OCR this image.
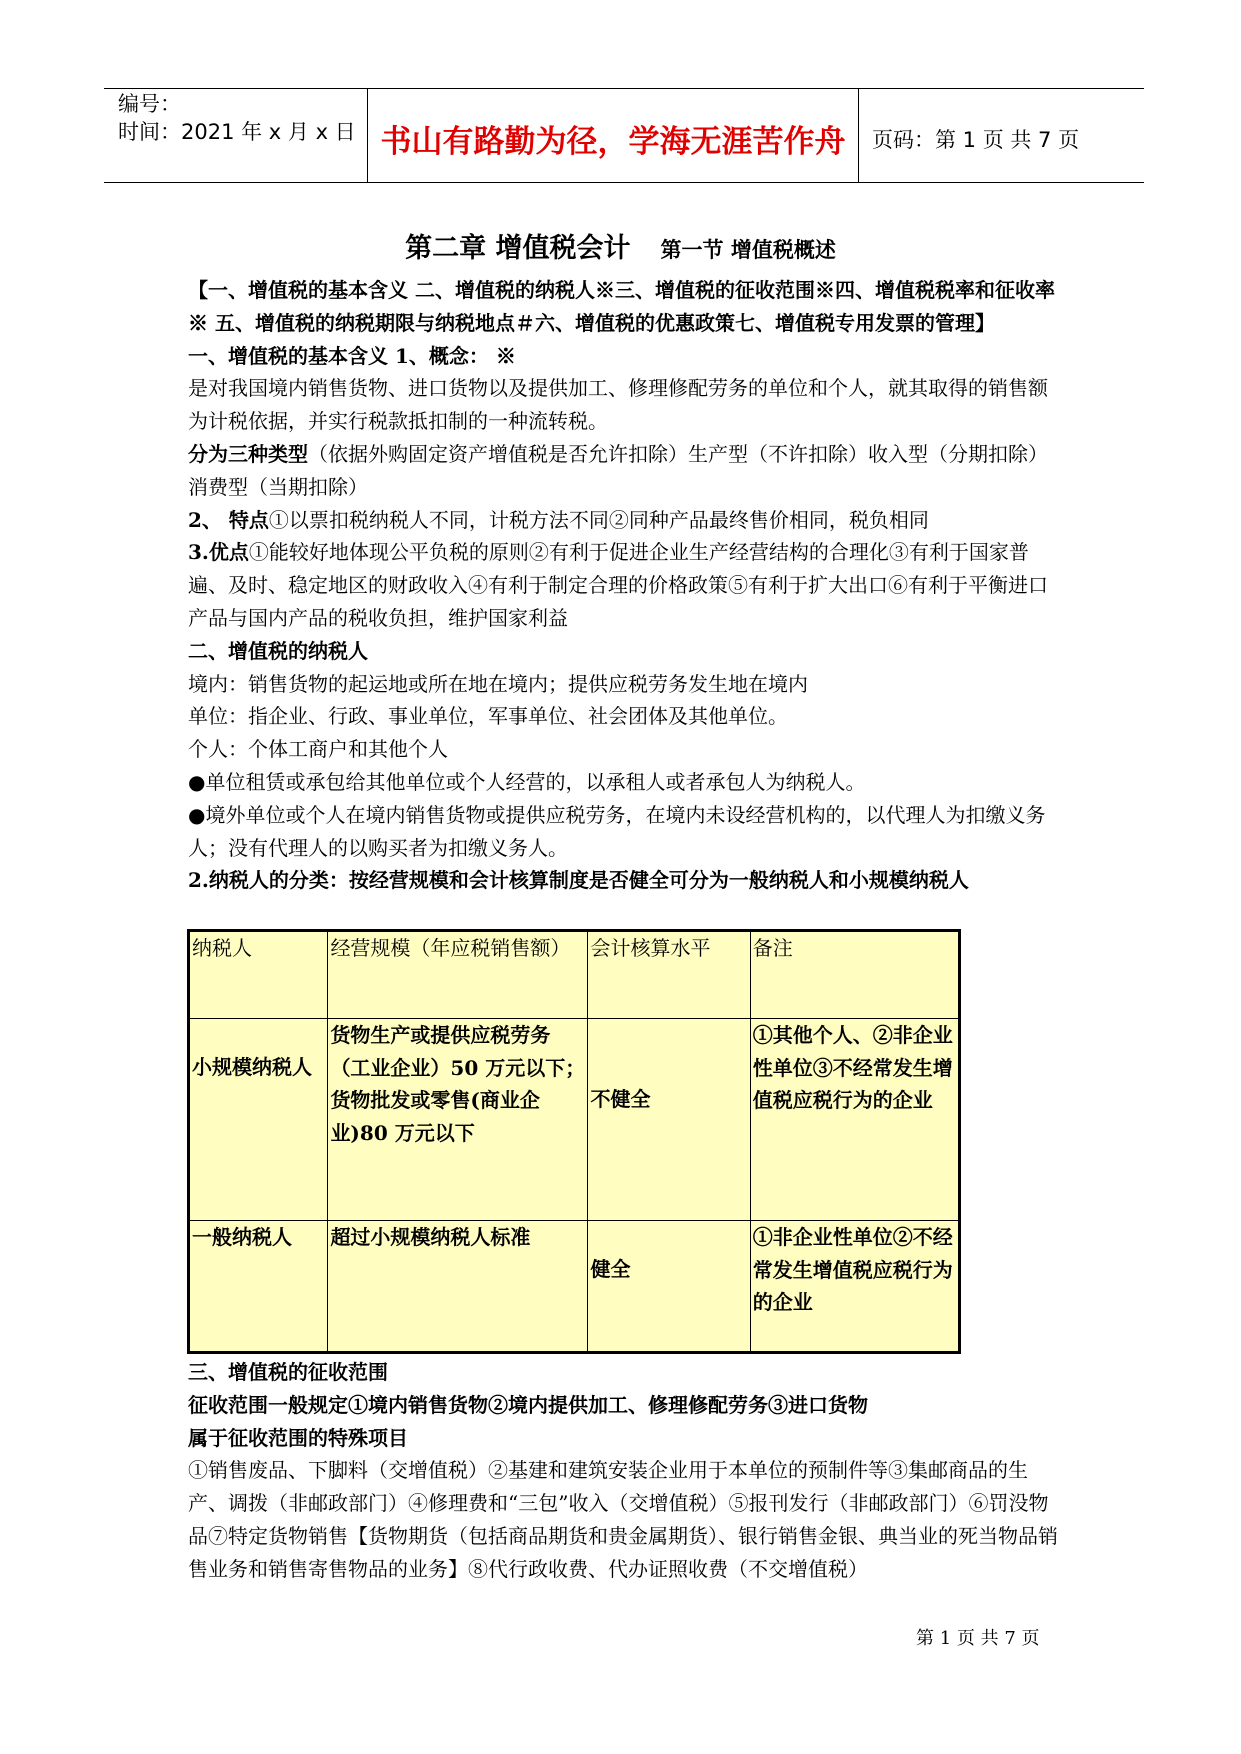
编号：
时间：2021 年 x 月 x 日 书山有路勤为径，学海无涯苦作舟	页码：第 1 页 共 7 页
第二章 增值税会计 第一节 增值税概述

【一、增值税的基本含义 二、增值税的纳税人※三、增值税的征收范围※四、增值税税率和征收率※ 五、增值税的纳税期限与纳税地点＃六、增值税的优惠政策七、增值税专用发票的管理】

一、增值税的基本含义 1、概念： ※

是对我国境内销售货物、进口货物以及提供加工、修理修配劳务的单位和个人，就其取得的销售额为计税依据，并实行税款抵扣制的一种流转税。

分为三种类型（依据外购固定资产增值税是否允许扣除）生产型（不许扣除）收入型（分期扣除）消费型（当期扣除）

2、 特点①以票扣税纳税人不同，计税方法不同②同种产品最终售价相同，税负相同

3.优点①能较好地体现公平负税的原则②有利于促进企业生产经营结构的合理化③有利于国家普遍、及时、稳定地区的财政收入④有利于制定合理的价格政策⑤有利于扩大出口⑥有利于平衡进口产品与国内产品的税收负担，维护国家利益

二、增值税的纳税人

境内：销售货物的起运地或所在地在境内；提供应税劳务发生地在境内

单位：指企业、行政、事业单位，军事单位、社会团体及其他单位。

个人：个体工商户和其他个人

●单位租赁或承包给其他单位或个人经营的，以承租人或者承包人为纳税人。

●境外单位或个人在境内销售货物或提供应税劳务，在境内未设经营机构的，以代理人为扣缴义务人；没有代理人的以购买者为扣缴义务人。

2.纳税人的分类：按经营规模和会计核算制度是否健全可分为一般纳税人和小规模纳税人

纳税人	经营规模（年应税销售额）	会计核算水平	备注
小规模纳税人	货物生产或提供应税劳务（工业企业）50 万元以下；货物批发或零售(商业企业)80 万元以下	不健全	①其他个人、②非企业性单位③不经常发生增值税应税行为的企业
一般纳税人	超过小规模纳税人标准	健全	①非企业性单位②不经常发生增值税应税行为的企业

三、增值税的征收范围

征收范围一般规定①境内销售货物②境内提供加工、修理修配劳务③进口货物

属于征收范围的特殊项目

①销售废品、下脚料（交增值税）②基建和建筑安装企业用于本单位的预制件等③集邮商品的生产、调拨（非邮政部门）④修理费和“三包”收入（交增值税）⑤报刊发行（非邮政部门）⑥罚没物品⑦特定货物销售【货物期货（包括商品期货和贵金属期货）、银行销售金银、典当业的死当物品销售业务和销售寄售物品的业务】⑧代行政收费、代办证照收费（不交增值税）

第 1 页 共 7 页
